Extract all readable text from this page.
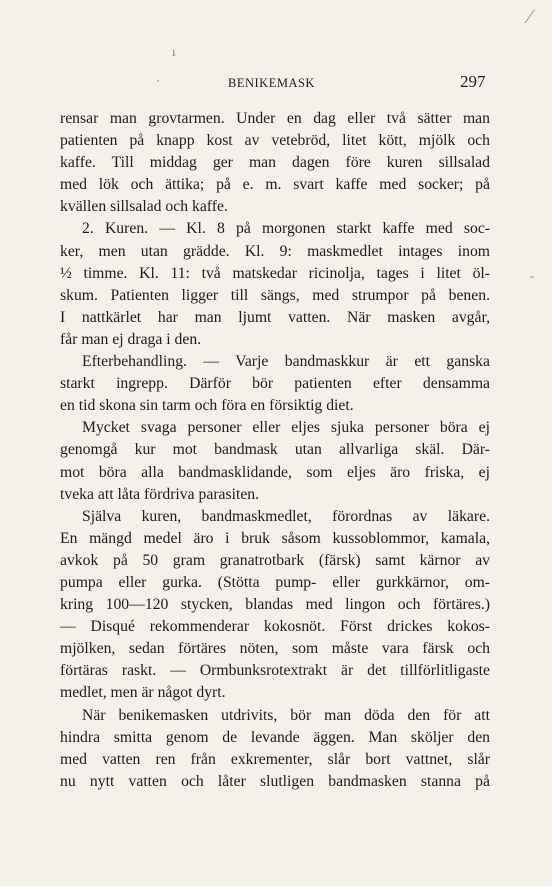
BENIKEMASK	297
ı
·
∕
-
rensar man grovtarmen. Under en dag eller två sätter man
patienten på knapp kost av vetebröd, litet kött, mjölk och
kaffe. Till middag ger man dagen före kuren sillsalad
med lök och ättika; på e. m. svart kaffe med socker; på
kvällen sillsalad och kaffe.
2. Kuren. — Kl. 8 på morgonen starkt kaffe med soc-
ker, men utan grädde. Kl. 9: maskmedlet intages inom
½ timme. Kl. 11: två matskedar ricinolja, tages i litet öl-
skum. Patienten ligger till sängs, med strumpor på benen.
I nattkärlet har man ljumt vatten. När masken avgår,
får man ej draga i den.
Efterbehandling. — Varje bandmaskkur är ett ganska
starkt ingrepp. Därför bör patienten efter densamma
en tid skona sin tarm och föra en försiktig diet.
Mycket svaga personer eller eljes sjuka personer böra ej
genomgå kur mot bandmask utan allvarliga skäl. Där-
mot böra alla bandmasklidande, som eljes äro friska, ej
tveka att låta fördriva parasiten.
Själva kuren, bandmaskmedlet, förordnas av läkare.
En mängd medel äro i bruk såsom kussoblommor, kamala,
avkok på 50 gram granatrotbark (färsk) samt kärnor av
pumpa eller gurka. (Stötta pump- eller gurkkärnor, om-
kring 100—120 stycken, blandas med lingon och förtäres.)
— Disqué rekommenderar kokosnöt. Först drickes kokos-
mjölken, sedan förtäres nöten, som måste vara färsk och
förtäras raskt. — Ormbunksrotextrakt är det tillförlitligaste
medlet, men är något dyrt.
När benikemasken utdrivits, bör man döda den för att
hindra smitta genom de levande äggen. Man sköljer den
med vatten ren från exkrementer, slår bort vattnet, slår
nu nytt vatten och låter slutligen bandmasken stanna på
